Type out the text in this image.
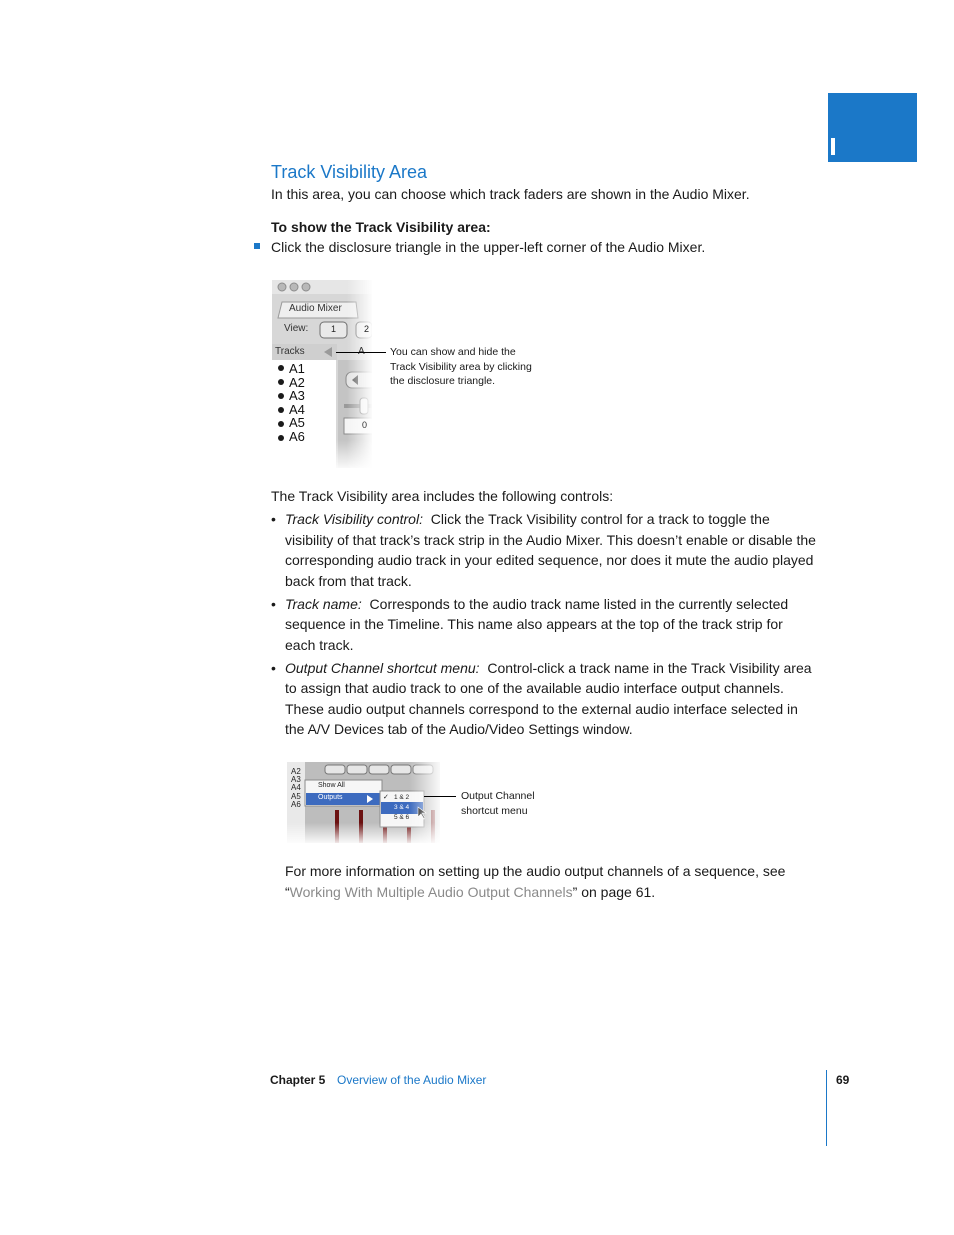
Track Visibility Area

In this area, you can choose which track faders are shown in the Audio Mixer.

To show the Track Visibility area:

Click the disclosure triangle in the upper-left corner of the Audio Mixer.

Audio Mixer
View:	1	2
Tracks
0
A1
A2
A3
A4
A5
A6
You can show and hide the
Track Visibility area by clicking
the disclosure triangle.

The Track Visibility area includes the following controls:

• Track Visibility control: Click the Track Visibility control for a track to toggle the visibility of that track’s track strip in the Audio Mixer. This doesn’t enable or disable the corresponding audio track in your edited sequence, nor does it mute the audio played back from that track.
• Track name: Corresponds to the audio track name listed in the currently selected sequence in the Timeline. This name also appears at the top of the track strip for each track.
• Output Channel shortcut menu: Control-click a track name in the Track Visibility area to assign that audio track to one of the available audio interface output channels. These audio output channels correspond to the external audio interface selected in the A/V Devices tab of the Audio/Video Settings window.
A2
A3
A4
A5
A6
Show All
Outputs	✓ 1 & 2
3 & 4
5 & 6
Output Channel
shortcut menu

For more information on setting up the audio output channels of a sequence, see
“Working With Multiple Audio Output Channels” on page 61.

Chapter 5 Overview of the Audio Mixer	69
